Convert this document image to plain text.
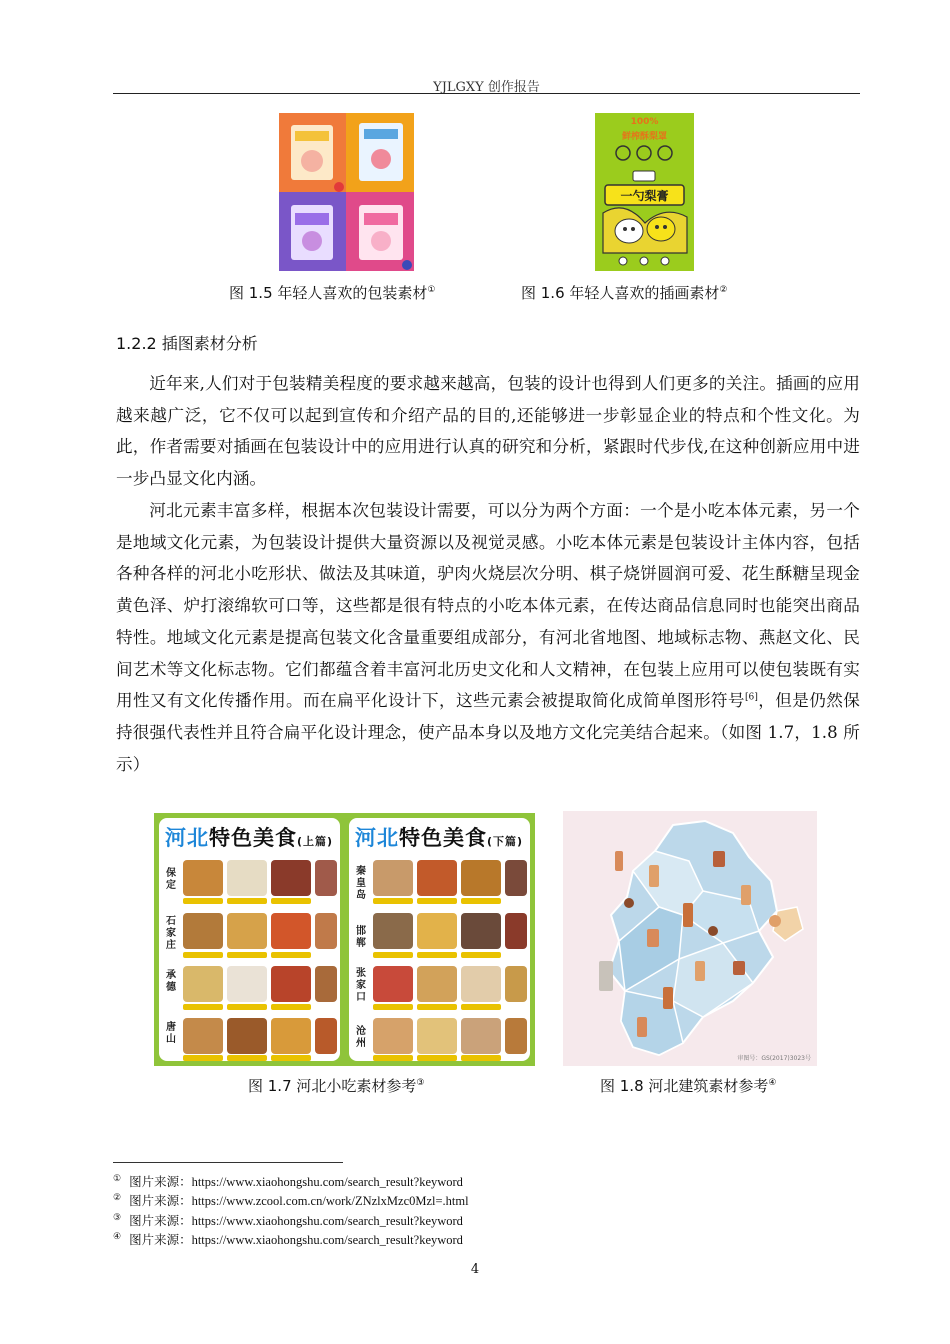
YJLGXY 创作报告
图 1.5 年轻人喜欢的包装素材①
100%
鲜榨酥梨罩
一勺梨膏
图 1.6 年轻人喜欢的插画素材②
1.2.2 插图素材分析

近年来,人们对于包装精美程度的要求越来越高，包装的设计也得到人们更多的关注。插画的应用越来越广泛，它不仅可以起到宣传和介绍产品的目的,还能够进一步彰显企业的特点和个性文化。为此，作者需要对插画在包装设计中的应用进行认真的研究和分析，紧跟时代步伐,在这种创新应用中进一步凸显文化内涵。

河北元素丰富多样，根据本次包装设计需要，可以分为两个方面：一个是小吃本体元素，另一个是地域文化元素，为包装设计提供大量资源以及视觉灵感。小吃本体元素是包装设计主体内容，包括各种各样的河北小吃形状、做法及其味道，驴肉火烧层次分明、棋子烧饼圆润可爱、花生酥糖呈现金黄色泽、炉打滚绵软可口等，这些都是很有特点的小吃本体元素，在传达商品信息同时也能突出商品特性。地域文化元素是提高包装文化含量重要组成部分，有河北省地图、地域标志物、燕赵文化、民间艺术等文化标志物。它们都蕴含着丰富河北历史文化和人文精神，在包装上应用可以使包装既有实用性又有文化传播作用。而在扁平化设计下，这些元素会被提取简化成简单图形符号[6]，但是仍然保持很强代表性并且符合扁平化设计理念，使产品本身以及地方文化完美结合起来。（如图 1.7，1.8 所示）

河北特色美食(上篇)
保定
石家庄
承德
唐山
河北特色美食(下篇)
秦皇岛
邯郸
张家口
沧州
图 1.7 河北小吃素材参考③
审图号：GS(2017)3023号
图 1.8 河北建筑素材参考④
① 图片来源：https://www.xiaohongshu.com/search_result?keyword
② 图片来源：https://www.zcool.com.cn/work/ZNzlxMzc0Mzl=.html
③ 图片来源：https://www.xiaohongshu.com/search_result?keyword
④ 图片来源：https://www.xiaohongshu.com/search_result?keyword
4
